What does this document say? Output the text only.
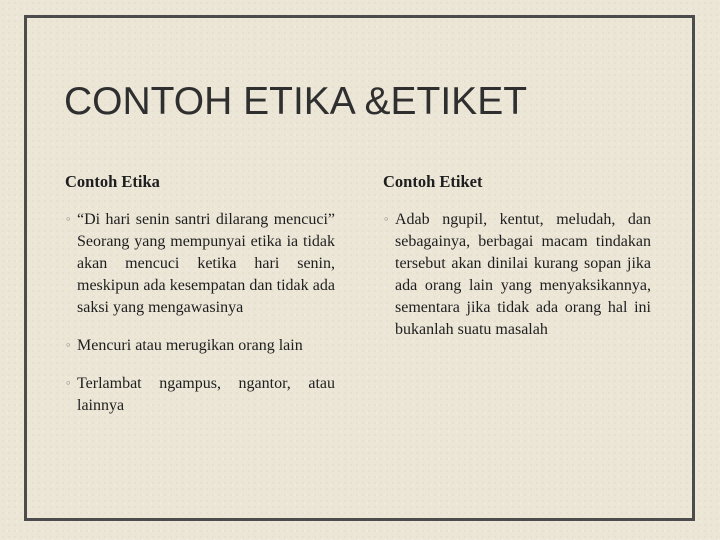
CONTOH ETIKA &ETIKET
Contoh Etika
◦ “Di hari senin santri dilarang mencuci” Seorang yang mempunyai etika ia tidak akan mencuci ketika hari senin, meskipun ada kesempatan dan tidak ada saksi yang mengawasinya
◦ Mencuri atau merugikan orang lain
◦ Terlambat ngampus, ngantor, atau lainnya
Contoh Etiket
◦ Adab ngupil, kentut, meludah, dan sebagainya, berbagai macam tindakan tersebut akan dinilai kurang sopan jika ada orang lain yang menyaksikannya, sementara jika tidak ada orang hal ini bukanlah suatu masalah
